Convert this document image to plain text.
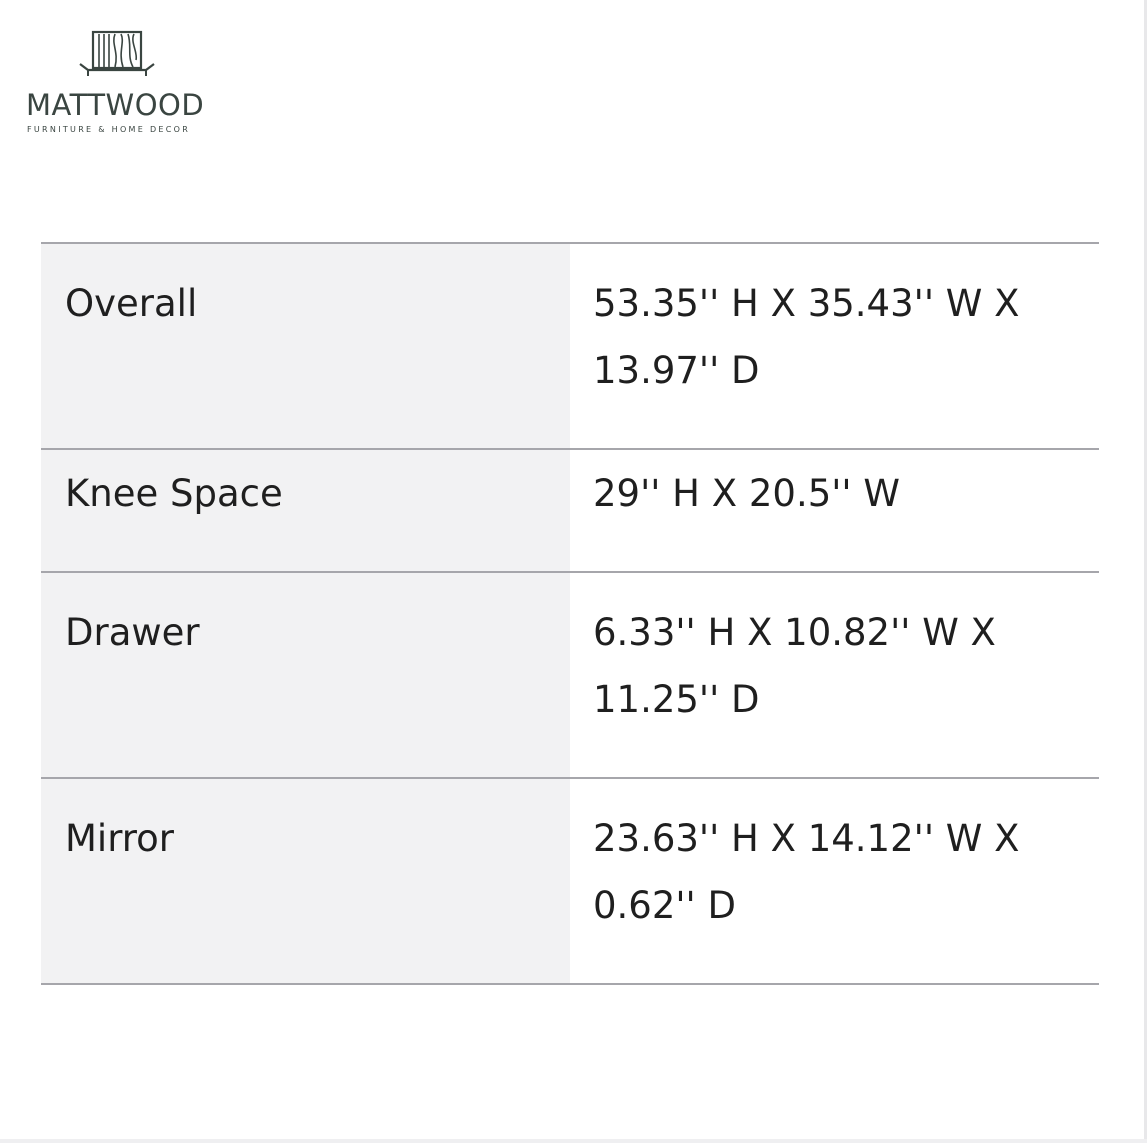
MATTWOOD
FURNITURE & HOME DECOR
Overall	53.35'' H X 35.43'' W X 13.97'' D

Knee Space	29'' H X 20.5'' W

Drawer	6.33'' H X 10.82'' W X 11.25'' D

Mirror	23.63'' H X 14.12'' W X 0.62'' D
